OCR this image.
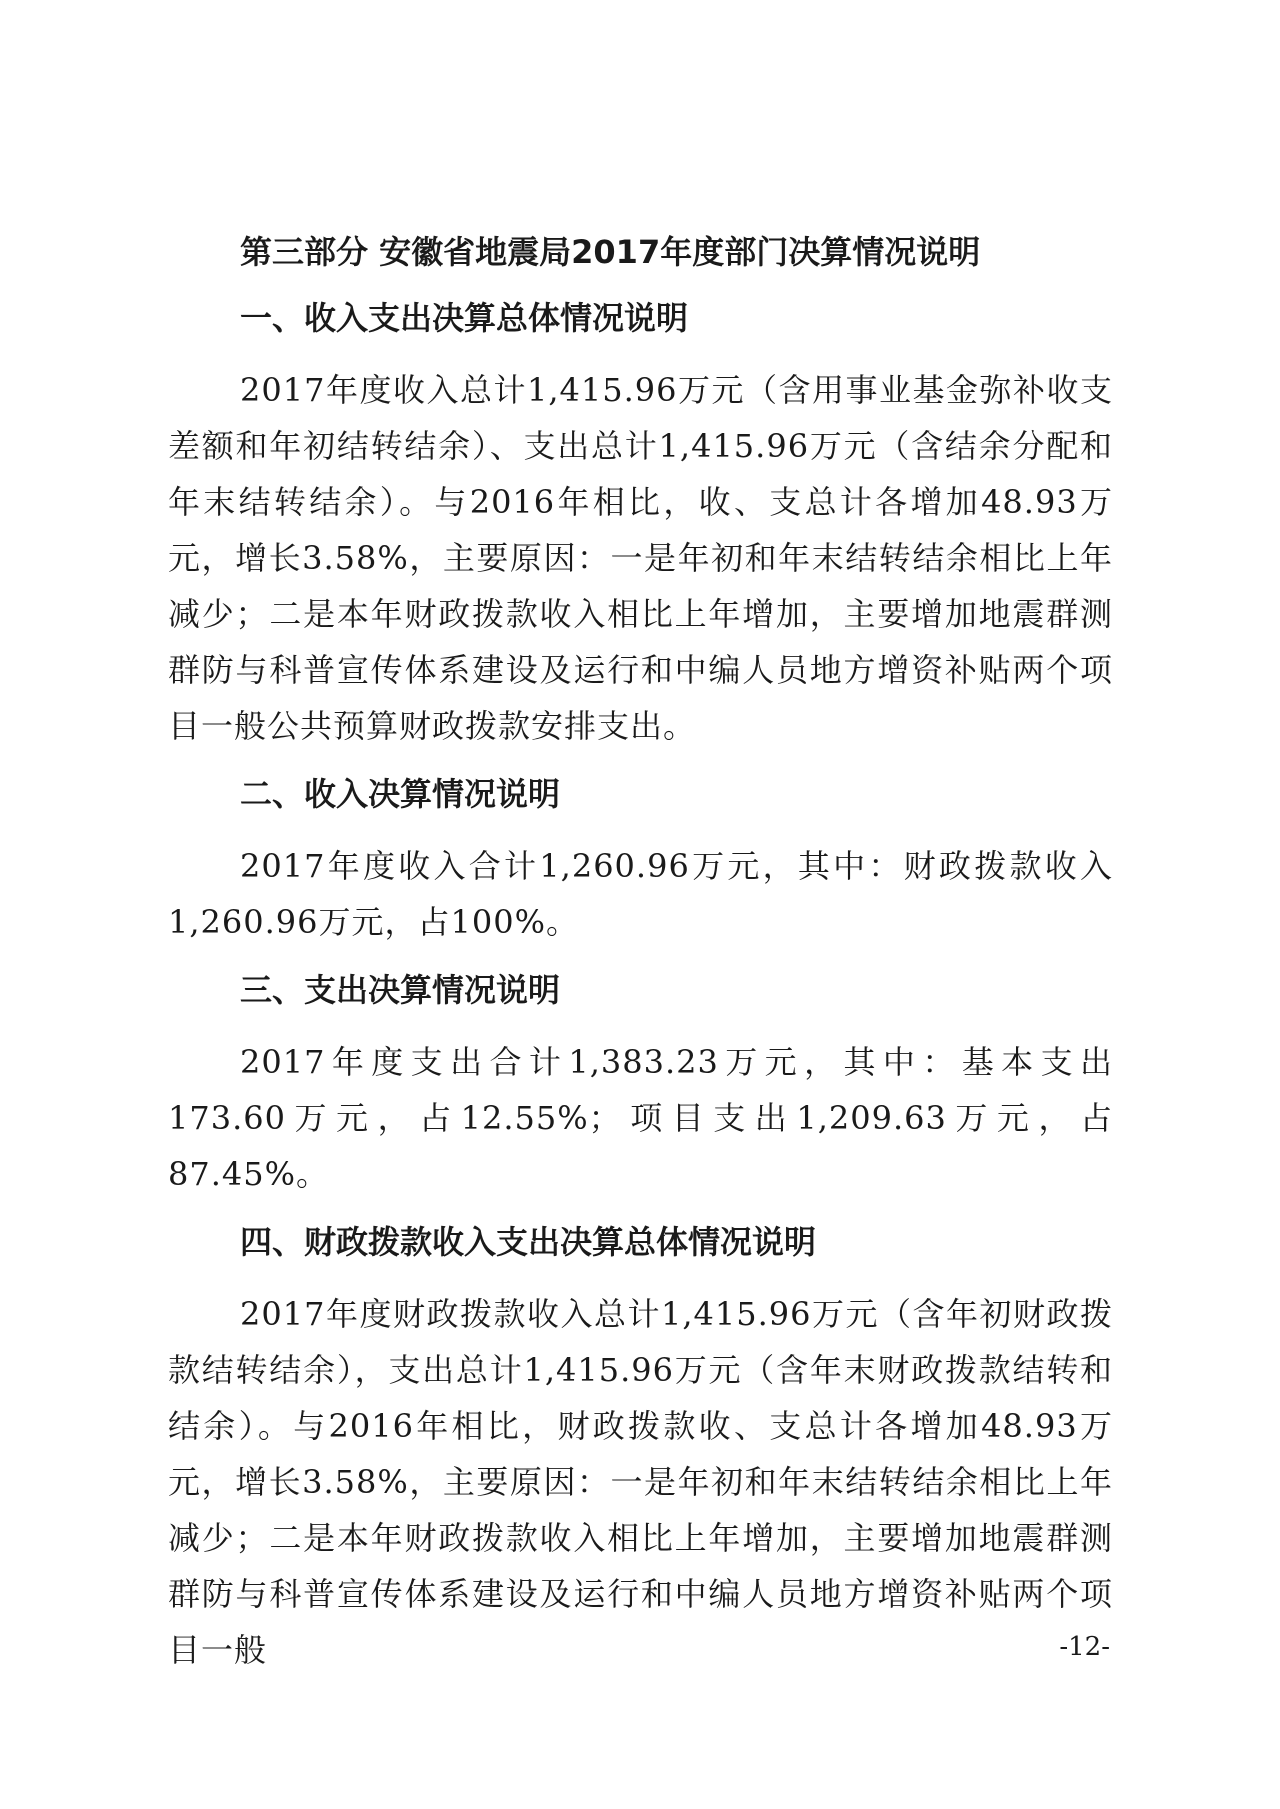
第三部分 安徽省地震局2017年度部门决算情况说明
一、收入支出决算总体情况说明

2017年度收入总计1,415.96万元（含用事业基金弥补收支差额和年初结转结余）、支出总计1,415.96万元（含结余分配和年末结转结余）。与2016年相比，收、支总计各增加48.93万元，增长3.58%，主要原因：一是年初和年末结转结余相比上年减少；二是本年财政拨款收入相比上年增加，主要增加地震群测群防与科普宣传体系建设及运行和中编人员地方增资补贴两个项目一般公共预算财政拨款安排支出。

二、收入决算情况说明

2017年度收入合计1,260.96万元，其中：财政拨款收入1,260.96万元，占100%。

三、支出决算情况说明

2017年度支出合计1,383.23万元，其中：基本支出173.60万元，占12.55%；项目支出1,209.63万元，占87.45%。

四、财政拨款收入支出决算总体情况说明

2017年度财政拨款收入总计1,415.96万元（含年初财政拨款结转结余），支出总计1,415.96万元（含年末财政拨款结转和结余）。与2016年相比，财政拨款收、支总计各增加48.93万元，增长3.58%，主要原因：一是年初和年末结转结余相比上年减少；二是本年财政拨款收入相比上年增加，主要增加地震群测群防与科普宣传体系建设及运行和中编人员地方增资补贴两个项目一般	-12-
